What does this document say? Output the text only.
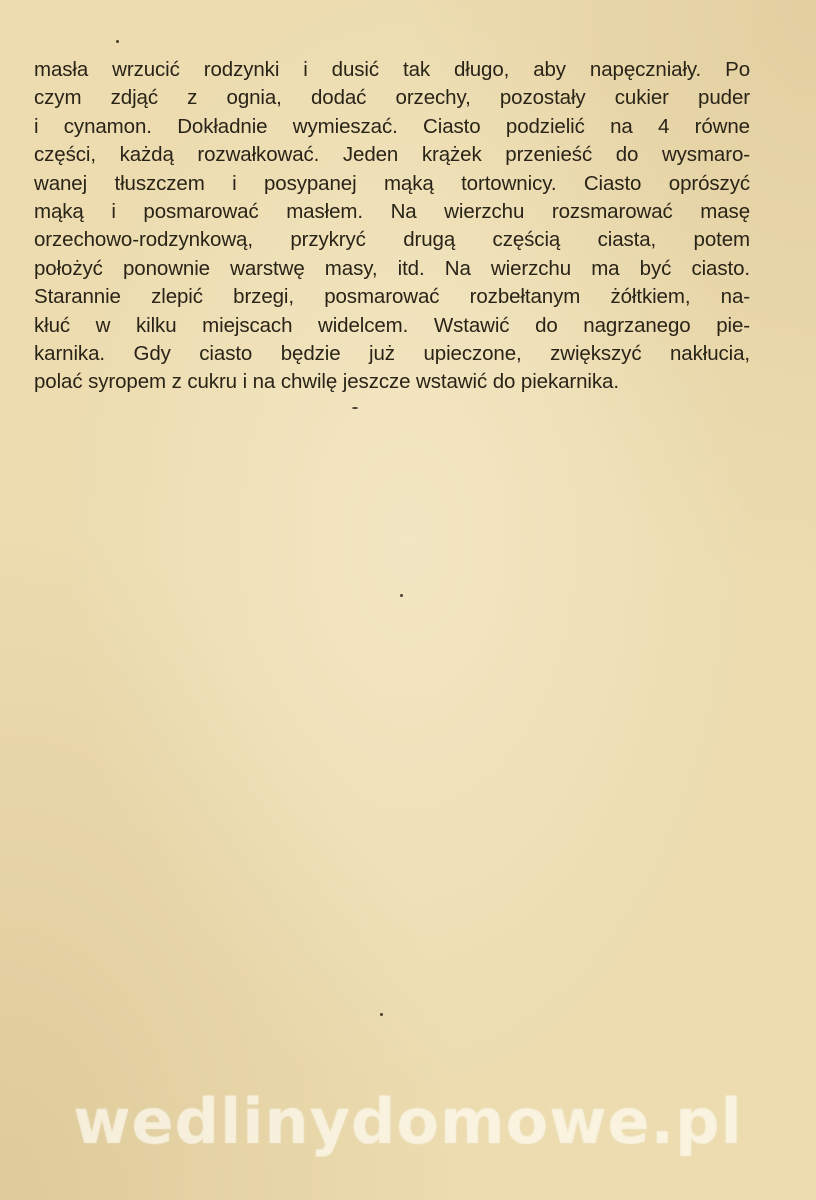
masła wrzucić rodzynki i dusić tak długo, aby napęczniały. Po
czym zdjąć z ognia, dodać orzechy, pozostały cukier puder
i cynamon. Dokładnie wymieszać. Ciasto podzielić na 4 równe
części, każdą rozwałkować. Jeden krążek przenieść do wysmaro-
wanej tłuszczem i posypanej mąką tortownicy. Ciasto oprószyć
mąką i posmarować masłem. Na wierzchu rozsmarować masę
orzechowo-rodzynkową, przykryć drugą częścią ciasta, potem
położyć ponownie warstwę masy, itd. Na wierzchu ma być ciasto.
Starannie zlepić brzegi, posmarować rozbełtanym żółtkiem, na-
kłuć w kilku miejscach widelcem. Wstawić do nagrzanego pie-
karnika. Gdy ciasto będzie już upieczone, zwiększyć nakłucia,
polać syropem z cukru i na chwilę jeszcze wstawić do piekarnika.

wedlinydomowe.pl
